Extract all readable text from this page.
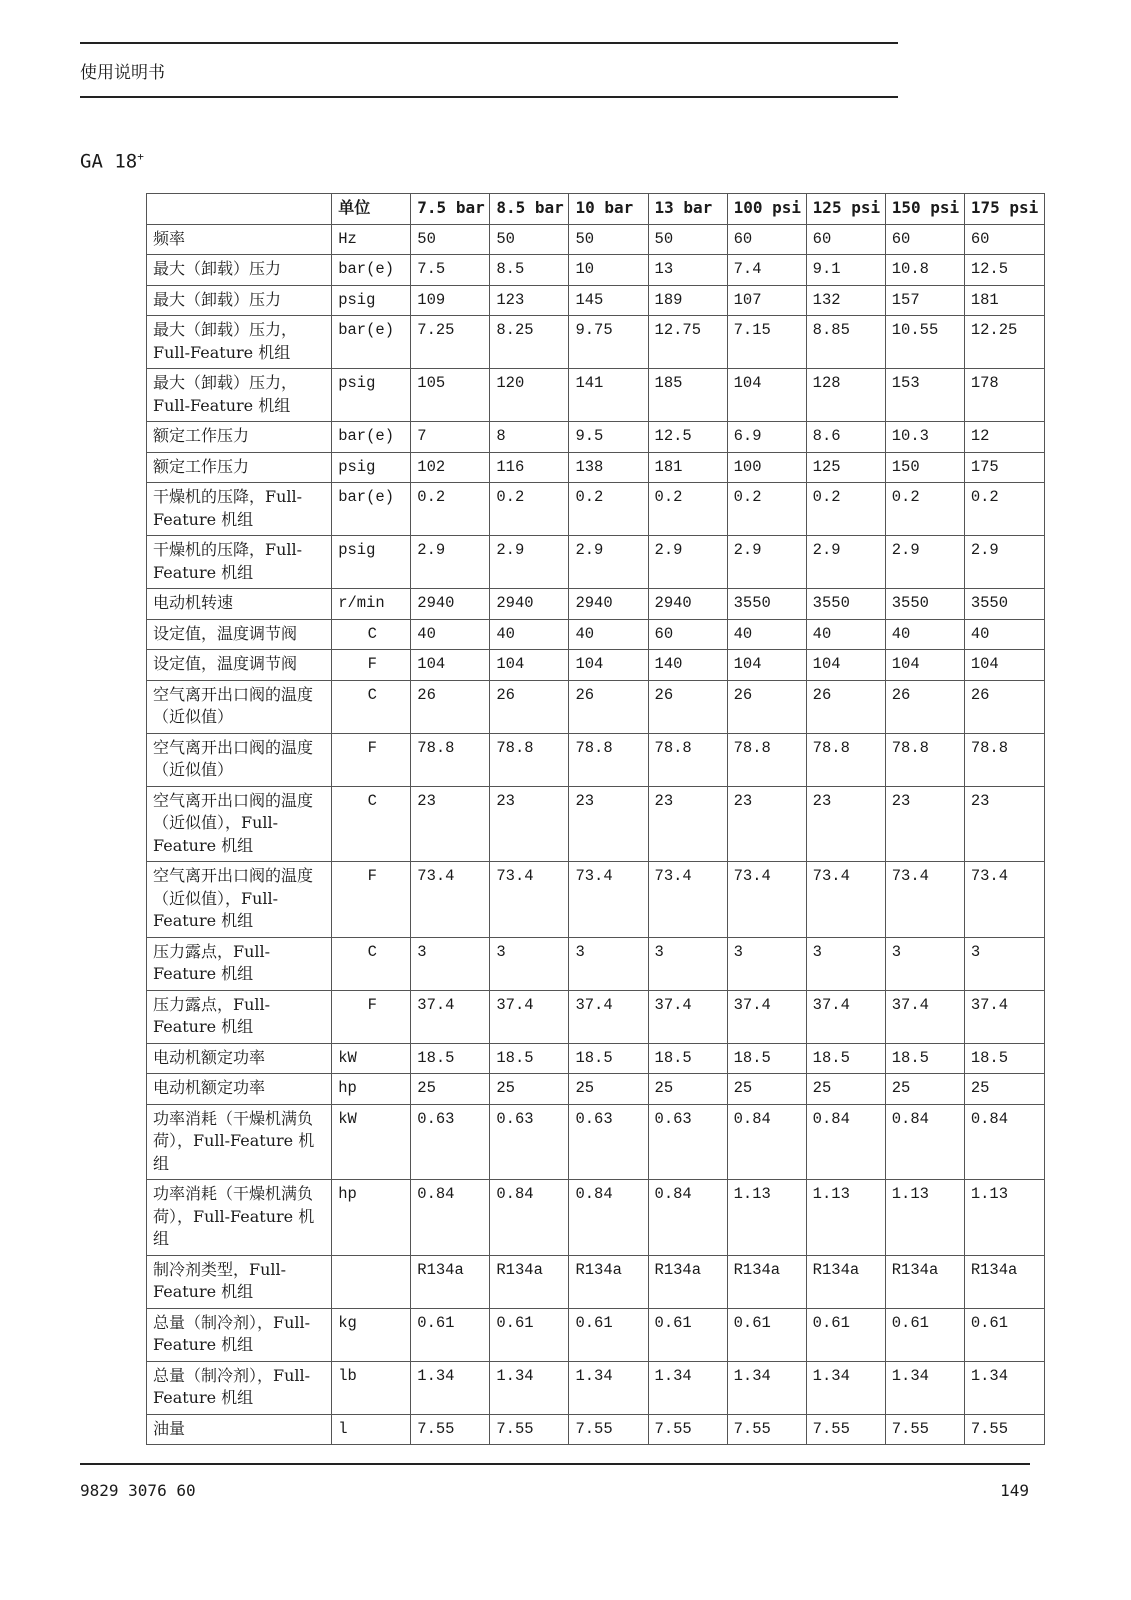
使用说明书
GA 18+
	单位	7.5 bar	8.5 bar	10 bar	13 bar	100 psi	125 psi	150 psi	175 psi
频率	Hz	50	50	50	50	60	60	60	60
最大（卸载）压力	bar(e)	7.5	8.5	10	13	7.4	9.1	10.8	12.5
最大（卸载）压力	psig	109	123	145	189	107	132	157	181
最大（卸载）压力，Full-Feature 机组	bar(e)	7.25	8.25	9.75	12.75	7.15	8.85	10.55	12.25
最大（卸载）压力，Full-Feature 机组	psig	105	120	141	185	104	128	153	178
额定工作压力	bar(e)	7	8	9.5	12.5	6.9	8.6	10.3	12
额定工作压力	psig	102	116	138	181	100	125	150	175
干燥机的压降，Full-Feature 机组	bar(e)	0.2	0.2	0.2	0.2	0.2	0.2	0.2	0.2
干燥机的压降，Full-Feature 机组	psig	2.9	2.9	2.9	2.9	2.9	2.9	2.9	2.9
电动机转速	r/min	2940	2940	2940	2940	3550	3550	3550	3550
设定值，温度调节阀	C	40	40	40	60	40	40	40	40
设定值，温度调节阀	F	104	104	104	140	104	104	104	104
空气离开出口阀的温度（近似值）	C	26	26	26	26	26	26	26	26
空气离开出口阀的温度（近似值）	F	78.8	78.8	78.8	78.8	78.8	78.8	78.8	78.8
空气离开出口阀的温度（近似值），Full-Feature 机组	C	23	23	23	23	23	23	23	23
空气离开出口阀的温度（近似值），Full-Feature 机组	F	73.4	73.4	73.4	73.4	73.4	73.4	73.4	73.4
压力露点，Full-Feature 机组	C	3	3	3	3	3	3	3	3
压力露点，Full-Feature 机组	F	37.4	37.4	37.4	37.4	37.4	37.4	37.4	37.4
电动机额定功率	kW	18.5	18.5	18.5	18.5	18.5	18.5	18.5	18.5
电动机额定功率	hp	25	25	25	25	25	25	25	25
功率消耗（干燥机满负荷），Full-Feature 机组	kW	0.63	0.63	0.63	0.63	0.84	0.84	0.84	0.84
功率消耗（干燥机满负荷），Full-Feature 机组	hp	0.84	0.84	0.84	0.84	1.13	1.13	1.13	1.13
制冷剂类型，Full-Feature 机组		R134a	R134a	R134a	R134a	R134a	R134a	R134a	R134a
总量（制冷剂），Full-Feature 机组	kg	0.61	0.61	0.61	0.61	0.61	0.61	0.61	0.61
总量（制冷剂），Full-Feature 机组	lb	1.34	1.34	1.34	1.34	1.34	1.34	1.34	1.34
油量	l	7.55	7.55	7.55	7.55	7.55	7.55	7.55	7.55
9829 3076 60	149
